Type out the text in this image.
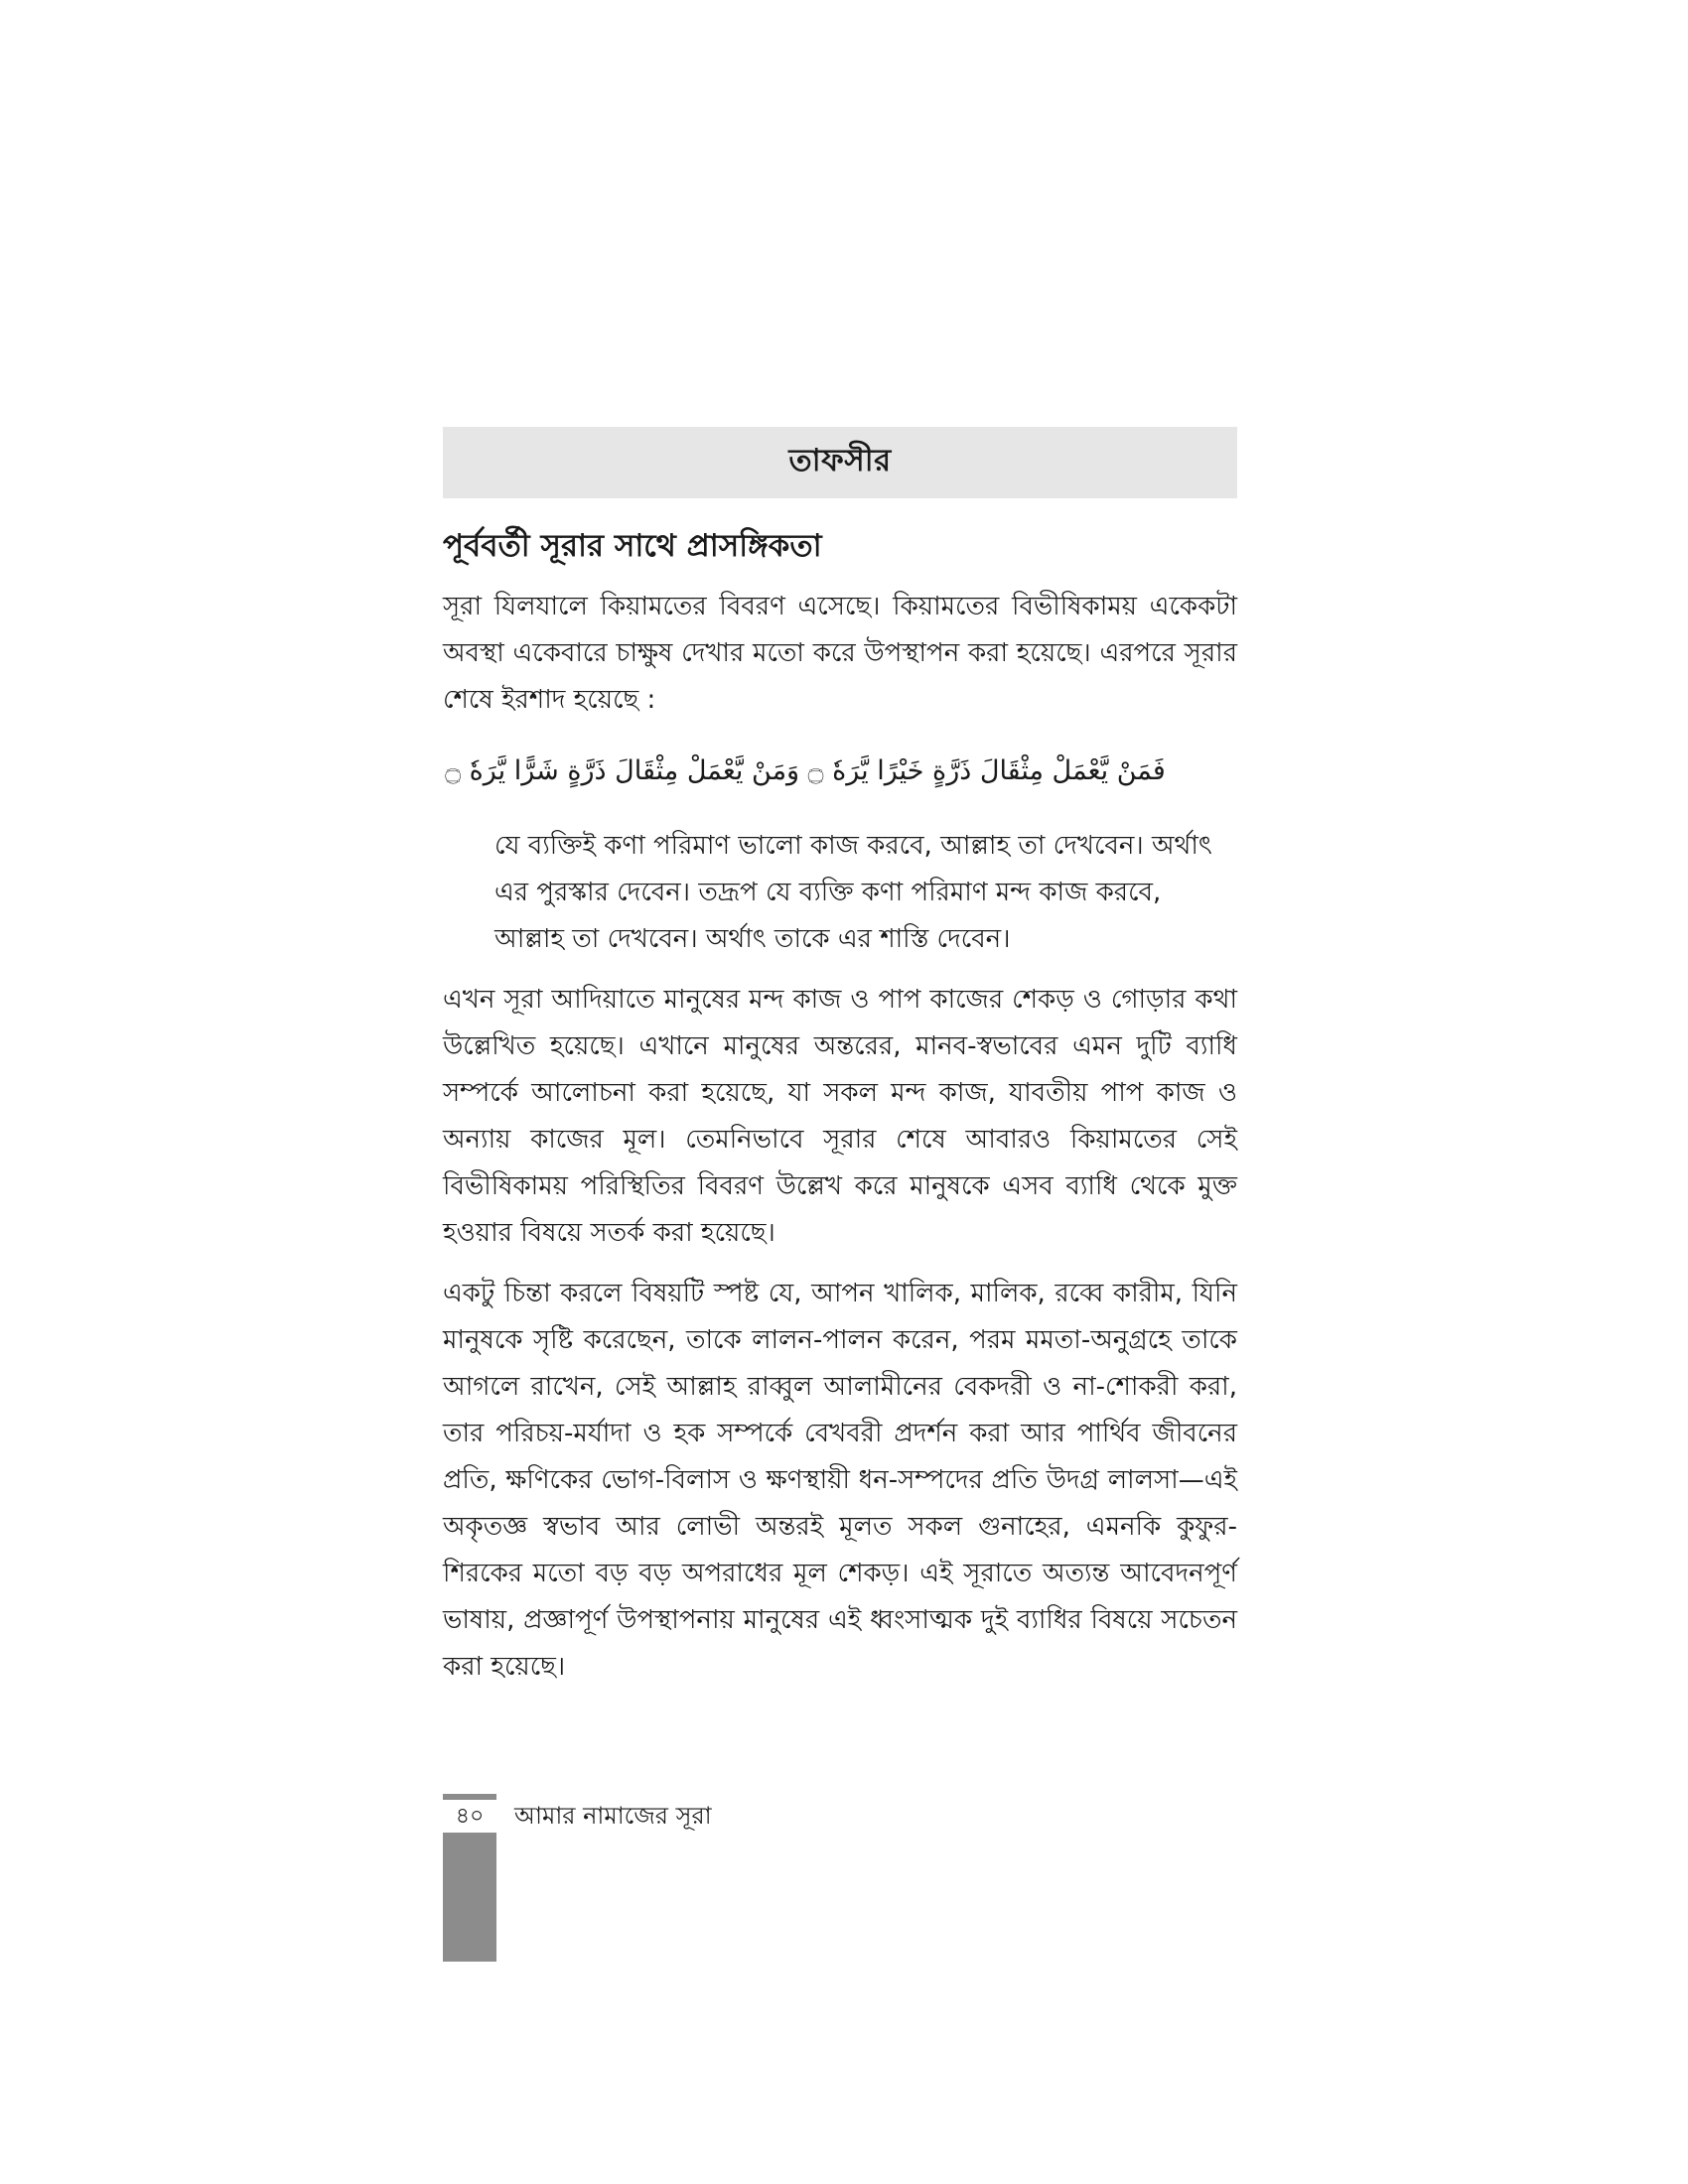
তাফসীর
পূর্ববর্তী সূরার সাথে প্রাসঙ্গিকতা

সূরা যিলযালে কিয়ামতের বিবরণ এসেছে। কিয়ামতের বিভীষিকাময় একেকটা অবস্থা একেবারে চাক্ষুষ দেখার মতো করে উপস্থাপন করা হয়েছে। এরপরে সূরার শেষে ইরশাদ হয়েছে :

فَمَنْ يَّعْمَلْ مِثْقَالَ ذَرَّةٍ خَيْرًا يَّرَهٗ ۝ وَمَنْ يَّعْمَلْ مِثْقَالَ ذَرَّةٍ شَرًّا يَّرَهٗ ۝

যে ব্যক্তিই কণা পরিমাণ ভালো কাজ করবে, আল্লাহ তা দেখবেন। অর্থাৎ এর পুরস্কার দেবেন। তদ্রূপ যে ব্যক্তি কণা পরিমাণ মন্দ কাজ করবে, আল্লাহ তা দেখবেন। অর্থাৎ তাকে এর শাস্তি দেবেন।

এখন সূরা আদিয়াতে মানুষের মন্দ কাজ ও পাপ কাজের শেকড় ও গোড়ার কথা উল্লেখিত হয়েছে। এখানে মানুষের অন্তরের, মানব-স্বভাবের এমন দুটি ব্যাধি সম্পর্কে আলোচনা করা হয়েছে, যা সকল মন্দ কাজ, যাবতীয় পাপ কাজ ও অন্যায় কাজের মূল। তেমনিভাবে সূরার শেষে আবারও কিয়ামতের সেই বিভীষিকাময় পরিস্থিতির বিবরণ উল্লেখ করে মানুষকে এসব ব্যাধি থেকে মুক্ত হওয়ার বিষয়ে সতর্ক করা হয়েছে।

একটু চিন্তা করলে বিষয়টি স্পষ্ট যে, আপন খালিক, মালিক, রব্বে কারীম, যিনি মানুষকে সৃষ্টি করেছেন, তাকে লালন-পালন করেন, পরম মমতা-অনুগ্রহে তাকে আগলে রাখেন, সেই আল্লাহ রাব্বুল আলামীনের বেকদরী ও না-শোকরী করা, তার পরিচয়-মর্যাদা ও হক সম্পর্কে বেখবরী প্রদর্শন করা আর পার্থিব জীবনের প্রতি, ক্ষণিকের ভোগ-বিলাস ও ক্ষণস্থায়ী ধন-সম্পদের প্রতি উদগ্র লালসা—এই অকৃতজ্ঞ স্বভাব আর লোভী অন্তরই মূলত সকল গুনাহের, এমনকি কুফুর-শিরকের মতো বড় বড় অপরাধের মূল শেকড়। এই সূরাতে অত্যন্ত আবেদনপূর্ণ ভাষায়, প্রজ্ঞাপূর্ণ উপস্থাপনায় মানুষের এই ধ্বংসাত্মক দুই ব্যাধির বিষয়ে সচেতন করা হয়েছে।

৪০	আমার নামাজের সূরা
